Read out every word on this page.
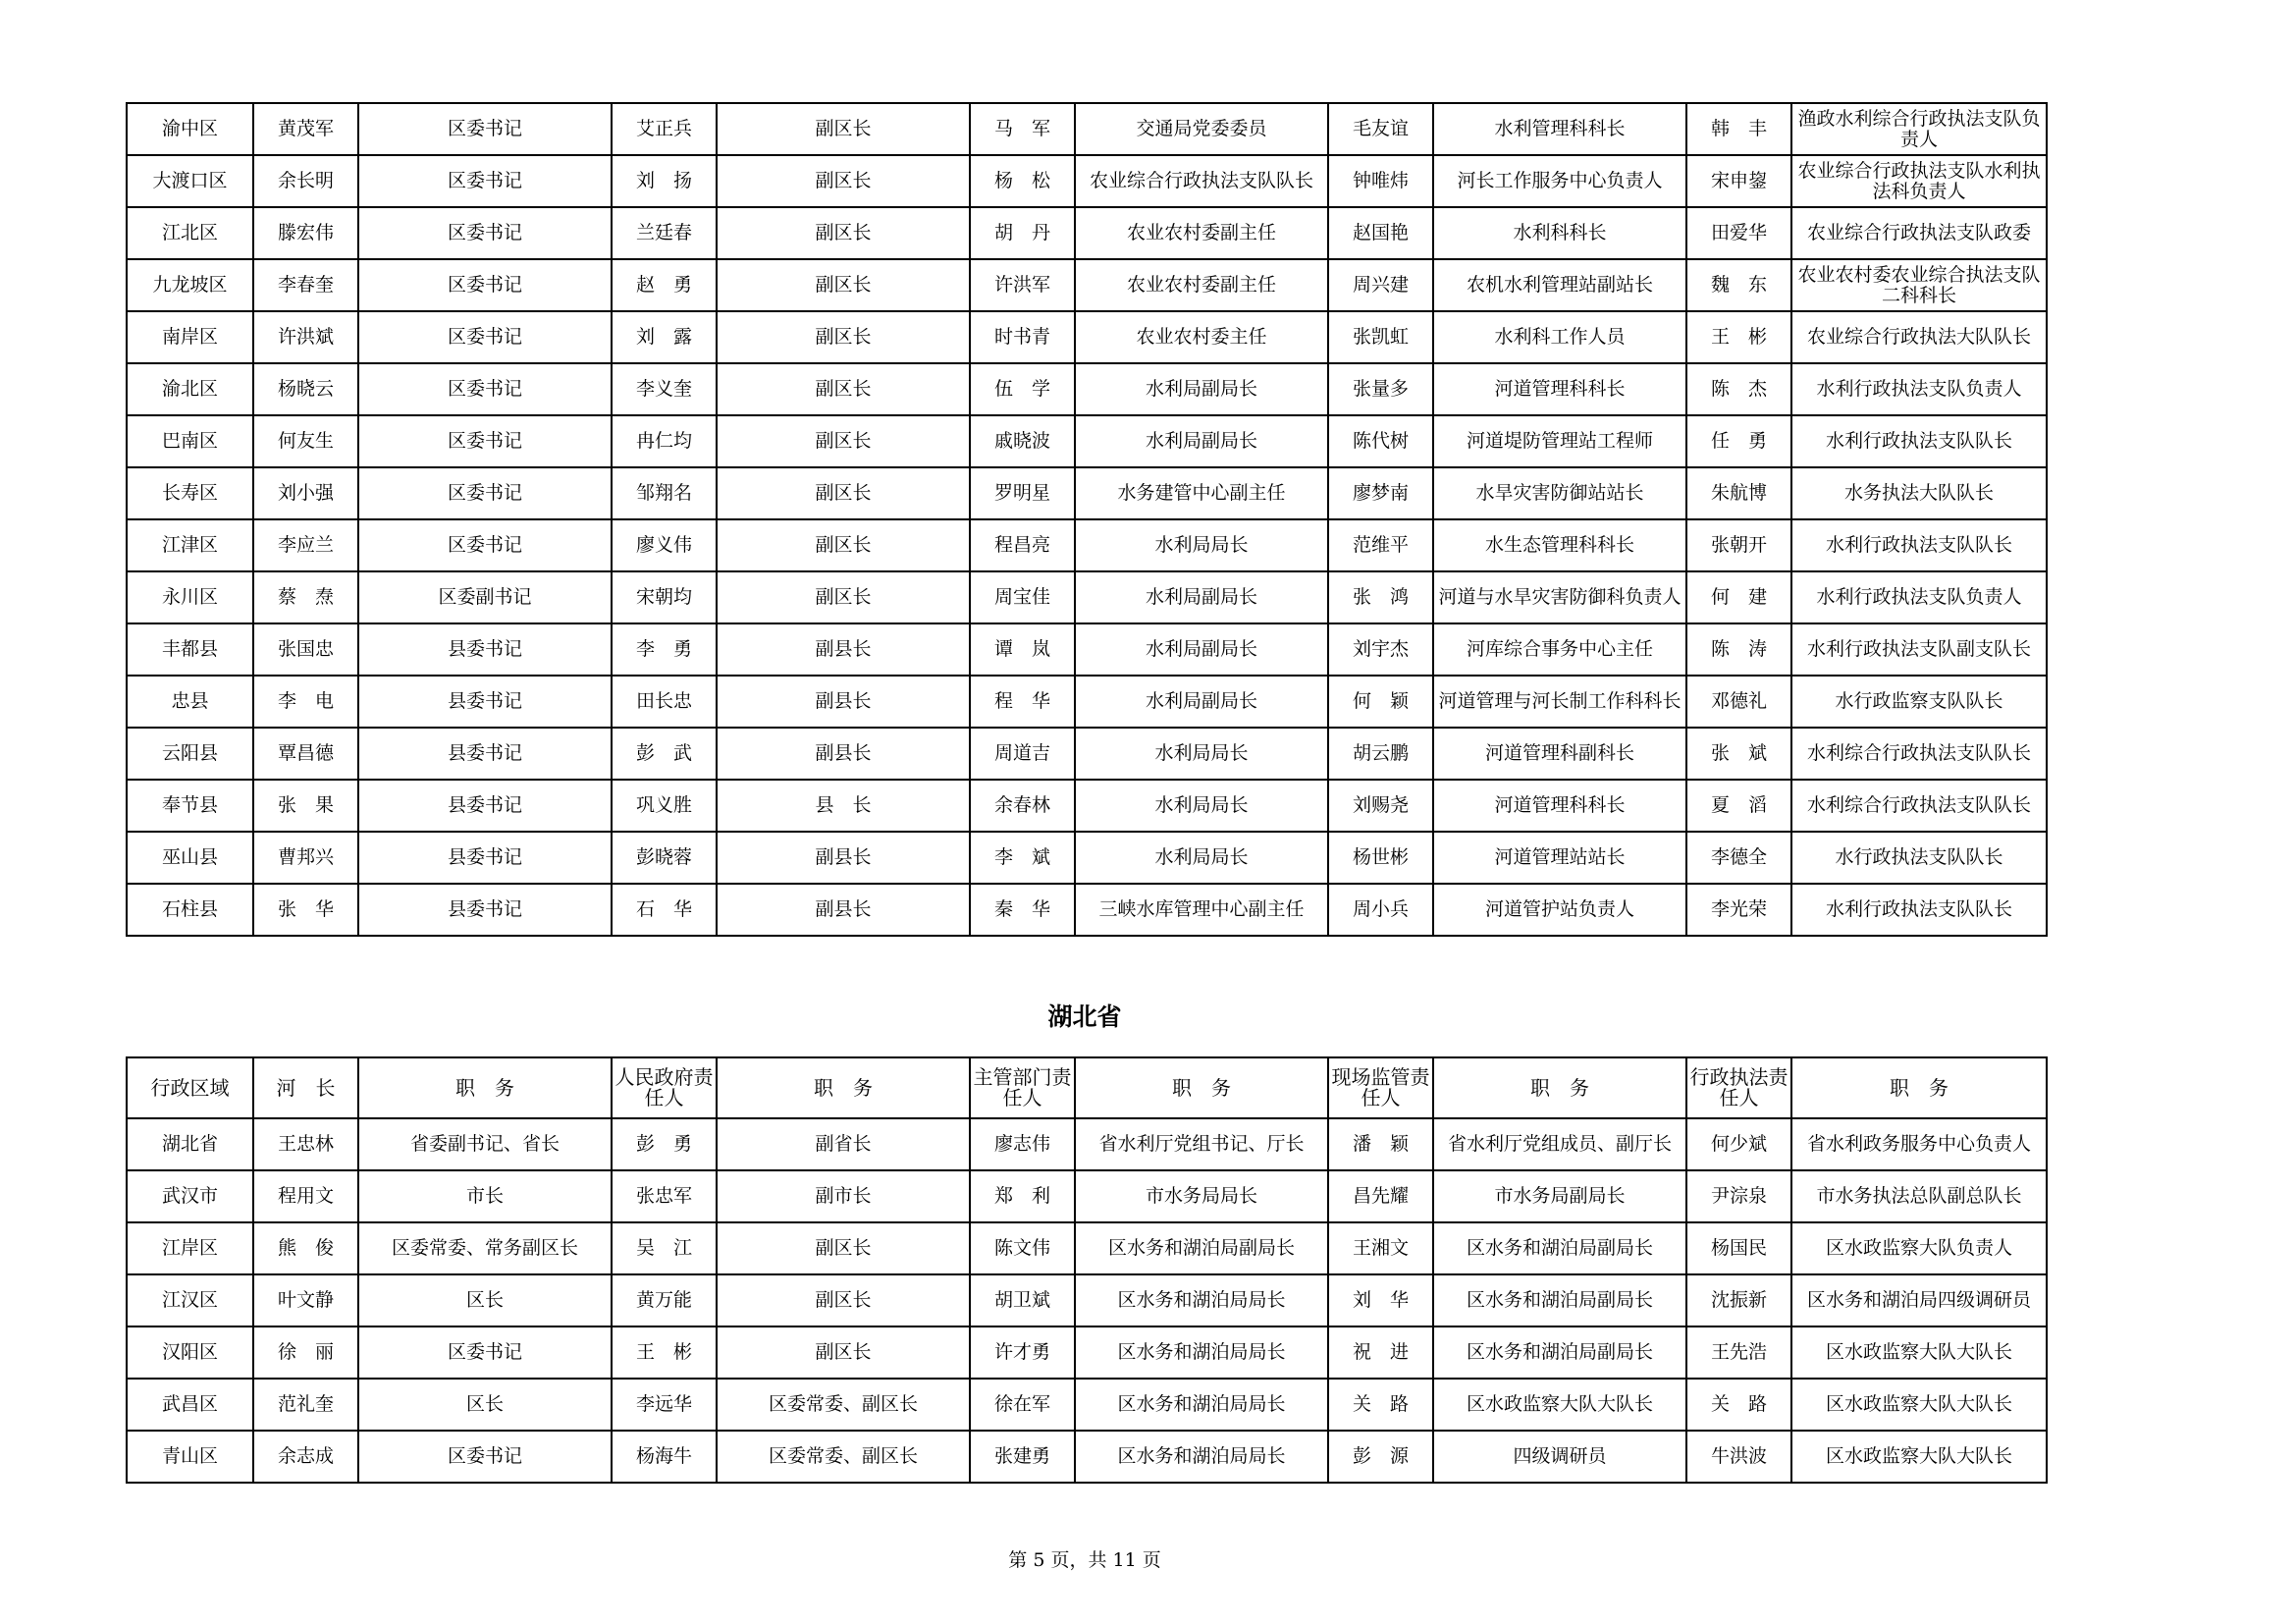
渝中区	黄茂军	区委书记	艾正兵	副区长	马　军	交通局党委委员	毛友谊	水利管理科科长	韩　丰	渔政水利综合行政执法支队负责人
大渡口区	余长明	区委书记	刘　扬	副区长	杨　松	农业综合行政执法支队队长	钟唯炜	河长工作服务中心负责人	宋申鋆	农业综合行政执法支队水利执法科负责人
江北区	滕宏伟	区委书记	兰廷春	副区长	胡　丹	农业农村委副主任	赵国艳	水利科科长	田爱华	农业综合行政执法支队政委
九龙坡区	李春奎	区委书记	赵　勇	副区长	许洪军	农业农村委副主任	周兴建	农机水利管理站副站长	魏　东	农业农村委农业综合执法支队二科科长
南岸区	许洪斌	区委书记	刘　露	副区长	时书青	农业农村委主任	张凯虹	水利科工作人员	王　彬	农业综合行政执法大队队长
渝北区	杨晓云	区委书记	李义奎	副区长	伍　学	水利局副局长	张量多	河道管理科科长	陈　杰	水利行政执法支队负责人
巴南区	何友生	区委书记	冉仁均	副区长	戚晓波	水利局副局长	陈代树	河道堤防管理站工程师	任　勇	水利行政执法支队队长
长寿区	刘小强	区委书记	邹翔名	副区长	罗明星	水务建管中心副主任	廖梦南	水旱灾害防御站站长	朱航博	水务执法大队队长
江津区	李应兰	区委书记	廖义伟	副区长	程昌亮	水利局局长	范维平	水生态管理科科长	张朝开	水利行政执法支队队长
永川区	蔡　焘	区委副书记	宋朝均	副区长	周宝佳	水利局副局长	张　鸿	河道与水旱灾害防御科负责人	何　建	水利行政执法支队负责人
丰都县	张国忠	县委书记	李　勇	副县长	谭　岚	水利局副局长	刘宇杰	河库综合事务中心主任	陈　涛	水利行政执法支队副支队长
忠县	李　电	县委书记	田长忠	副县长	程　华	水利局副局长	何　颖	河道管理与河长制工作科科长	邓德礼	水行政监察支队队长
云阳县	覃昌德	县委书记	彭　武	副县长	周道吉	水利局局长	胡云鹏	河道管理科副科长	张　斌	水利综合行政执法支队队长
奉节县	张　果	县委书记	巩义胜	县　长	余春林	水利局局长	刘赐尧	河道管理科科长	夏　滔	水利综合行政执法支队队长
巫山县	曹邦兴	县委书记	彭晓蓉	副县长	李　斌	水利局局长	杨世彬	河道管理站站长	李德全	水行政执法支队队长
石柱县	张　华	县委书记	石　华	副县长	秦　华	三峡水库管理中心副主任	周小兵	河道管护站负责人	李光荣	水利行政执法支队队长
湖北省
行政区域	河　长	职　务	人民政府责任人	职　务	主管部门责任人	职　务	现场监管责任人	职　务	行政执法责任人	职　务
湖北省	王忠林	省委副书记、省长	彭　勇	副省长	廖志伟	省水利厅党组书记、厅长	潘　颖	省水利厅党组成员、副厅长	何少斌	省水利政务服务中心负责人
武汉市	程用文	市长	张忠军	副市长	郑　利	市水务局局长	昌先耀	市水务局副局长	尹淙泉	市水务执法总队副总队长
江岸区	熊　俊	区委常委、常务副区长	吴　江	副区长	陈文伟	区水务和湖泊局副局长	王湘文	区水务和湖泊局副局长	杨国民	区水政监察大队负责人
江汉区	叶文静	区长	黄万能	副区长	胡卫斌	区水务和湖泊局局长	刘　华	区水务和湖泊局副局长	沈振新	区水务和湖泊局四级调研员
汉阳区	徐　丽	区委书记	王　彬	副区长	许才勇	区水务和湖泊局局长	祝　进	区水务和湖泊局副局长	王先浩	区水政监察大队大队长
武昌区	范礼奎	区长	李远华	区委常委、副区长	徐在军	区水务和湖泊局局长	关　路	区水政监察大队大队长	关　路	区水政监察大队大队长
青山区	余志成	区委书记	杨海牛	区委常委、副区长	张建勇	区水务和湖泊局局长	彭　源	四级调研员	牛洪波	区水政监察大队大队长
第 5 页，共 11 页
